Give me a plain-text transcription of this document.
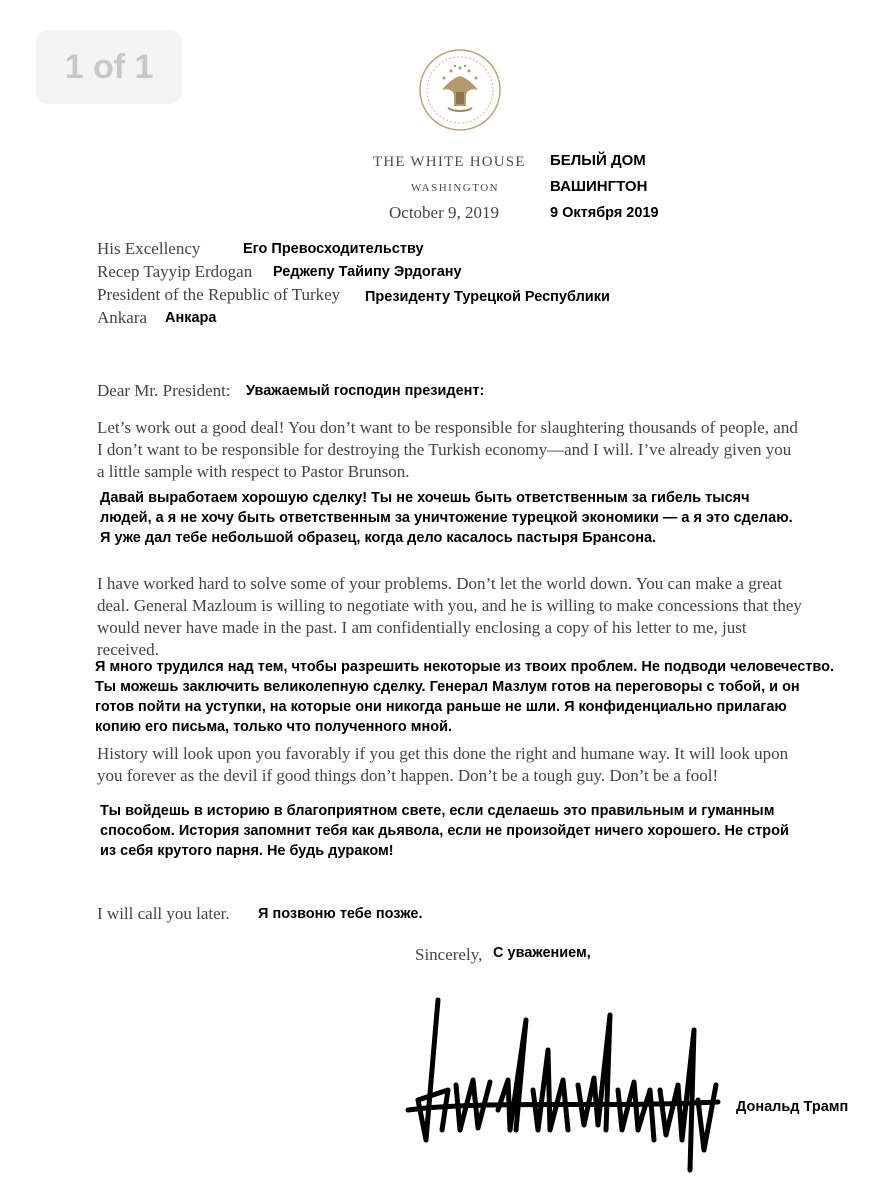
1 of 1
THE WHITE HOUSE БЕЛЫЙ ДОМ
WASHINGTON	ВАШИНГТОН
October 9, 2019	9 Октября 2019
His Excellency	Его Превосходительству
Recep Tayyip Erdogan Реджепу Тайипу Эрдогану
President of the Republic of Turkey Президенту Турецкой Республики
Ankara Анкара
Dear Mr. President: Уважаемый господин президент:
Let’s work out a good deal! You don’t want to be responsible for slaughtering thousands of people, and I don’t want to be responsible for destroying the Turkish economy—and I will. I’ve already given you a little sample with respect to Pastor Brunson.
Давай выработаем хорошую сделку! Ты не хочешь быть ответственным за гибель тысяч людей, а я не хочу быть ответственным за уничтожение турецкой экономики — а я это сделаю. Я уже дал тебе небольшой образец, когда дело касалось пастыря Брансона.
I have worked hard to solve some of your problems. Don’t let the world down. You can make a great deal. General Mazloum is willing to negotiate with you, and he is willing to make concessions that they would never have made in the past. I am confidentially enclosing a copy of his letter to me, just received.
Я много трудился над тем, чтобы разрешить некоторые из твоих проблем. Не подводи человечество. Ты можешь заключить великолепную сделку. Генерал Мазлум готов на переговоры с тобой, и он готов пойти на уступки, на которые они никогда раньше не шли. Я конфиденциально прилагаю копию его письма, только что полученного мной.
History will look upon you favorably if you get this done the right and humane way. It will look upon you forever as the devil if good things don’t happen. Don’t be a tough guy. Don’t be a fool!
Ты войдешь в историю в благоприятном свете, если сделаешь это правильным и гуманным способом. История запомнит тебя как дьявола, если не произойдет ничего хорошего. Не строй из себя крутого парня. Не будь дураком!
I will call you later. Я позвоню тебе позже.
Sincerely, С уважением,
Дональд Трамп
